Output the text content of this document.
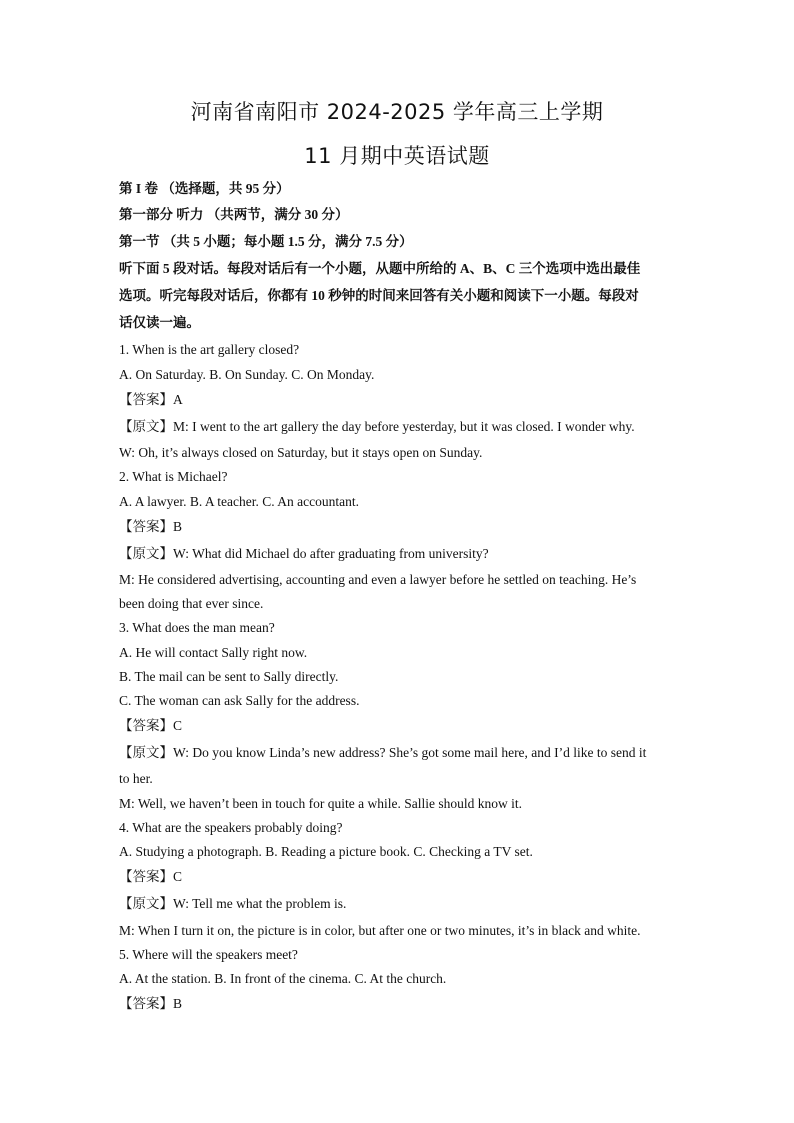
河南省南阳市 2024-2025 学年高三上学期
11 月期中英语试题
第 I 卷 （选择题，共 95 分）
第一部分 听力 （共两节，满分 30 分）
第一节 （共 5 小题；每小题 1.5 分，满分 7.5 分）
听下面 5 段对话。每段对话后有一个小题，从题中所给的 A、B、C 三个选项中选出最佳
选项。听完每段对话后，你都有 10 秒钟的时间来回答有关小题和阅读下一小题。每段对
话仅读一遍。
1. When is the art gallery closed?
A. On Saturday. B. On Sunday. C. On Monday.
【答案】A
【原文】M: I went to the art gallery the day before yesterday, but it was closed. I wonder why.
W: Oh, it’s always closed on Saturday, but it stays open on Sunday.
2. What is Michael?
A. A lawyer. B. A teacher. C. An accountant.
【答案】B
【原文】W: What did Michael do after graduating from university?
M: He considered advertising, accounting and even a lawyer before he settled on teaching. He’s
been doing that ever since.
3. What does the man mean?
A. He will contact Sally right now.
B. The mail can be sent to Sally directly.
C. The woman can ask Sally for the address.
【答案】C
【原文】W: Do you know Linda’s new address? She’s got some mail here, and I’d like to send it
to her.
M: Well, we haven’t been in touch for quite a while. Sallie should know it.
4. What are the speakers probably doing?
A. Studying a photograph. B. Reading a picture book. C. Checking a TV set.
【答案】C
【原文】W: Tell me what the problem is.
M: When I turn it on, the picture is in color, but after one or two minutes, it’s in black and white.
5. Where will the speakers meet?
A. At the station. B. In front of the cinema. C. At the church.
【答案】B
